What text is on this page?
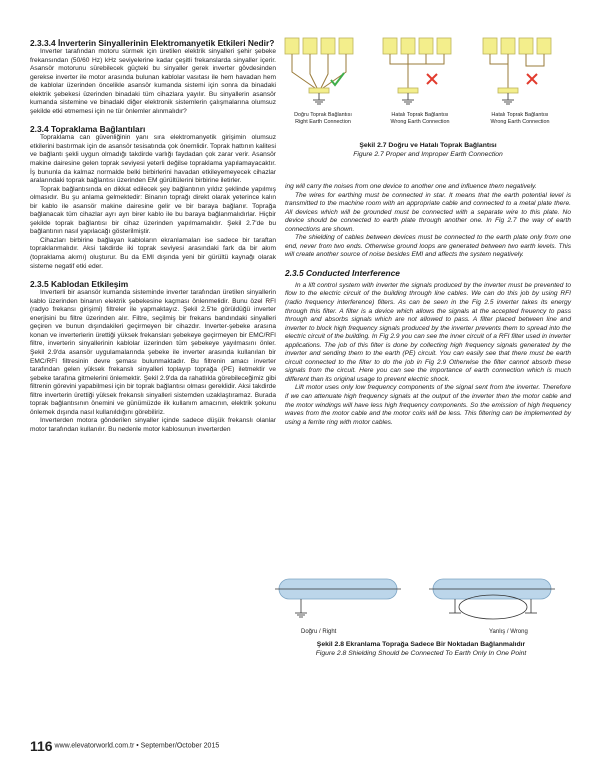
2.3.3.4 İnverterin Sinyallerinin Elektromanyetik Etkileri Nedir?

Inverter tarafından motoru sürmek için üretilen elektrik sinyalleri şehir şebeke frekansından (50/60 Hz) kHz seviyelerine kadar çeşitli frekanslarda sinyaller içerir. Asansör motorunu sürebilecek güçteki bu sinyaller gerek inverter gövdesinden gerekse inverter ile motor arasında bulunan kablolar vasıtası ile hem havadan hem de kablolar üzerinden öncelikle asansör kumanda sistemi için sonra da binadaki elektrik şebekesi üzerinden binadaki tüm cihazlara yayılır. Bu sinyallerin asansör kumanda sistemine ve binadaki diğer elektronik sistemlerin çalışmalarına olumsuz şekilde etki etmemesi için ne tür önlemler alınmalıdır?

2.3.4 Topraklama Bağlantıları

Topraklama can güvenliğinin yanı sıra elektromanyetik girişimin olumsuz etkilerini bastırmak için de asansör tesisatında çok önemlidir. Toprak hattının kalitesi ve bağlantı şekli uygun olmadığı takdirde varlığı faydadan çok zarar verir. Asansör makine dairesine gelen toprak seviyesi yeterli değilse topraklama yapılamayacaktır. İş bununla da kalmaz normalde belki birbirlerini havadan etkileyemeyecek cihazlar aralarındaki toprak bağlantısı üzerinden EM gürültülerini birbirine iletirler.

Toprak bağlantısında en dikkat edilecek şey bağlantının yıldız şeklinde yapılmış olmasıdır. Bu şu anlama gelmektedir: Binanın toprağı direkt olarak yeterince kalın bir kablo ile asansör makine dairesine gelir ve bir baraya bağlanır. Toprağa bağlanacak tüm cihazlar ayrı ayrı birer kablo ile bu baraya bağlanmalıdırlar. Hiçbir şekilde toprak bağlantısı bir cihaz üzerinden yapılmamalıdır. Şekil 2.7'de bu bağlantının nasıl yapılacağı gösterilmiştir.

Cihazları birbirine bağlayan kabloların ekranlamaları ise sadece bir taraftan topraklanmalıdır. Aksi takdirde iki toprak seviyesi arasındaki fark da bir akım (topraklama akımı) oluşturur. Bu da EMI dışında yeni bir gürültü kaynağı olarak sisteme negatif etki eder.

2.3.5 Kablodan Etkileşim

Inverterli bir asansör kumanda sisteminde inverter tarafından üretilen sinyallerin kablo üzerinden binanın elektrik şebekesine kaçması önlenmelidir. Bunu özel RFI (radyo frekansı girişimi) filtreler ile yapmaktayız. Şekil 2.5'te görüldüğü inverter enerjisini bu filtre üzerinden alır. Filtre, seçilmiş bir frekans bandındaki sinyalleri geçiren ve bunun dışındakileri geçirmeyen bir cihazdır. Inverter-şebeke arasına konan ve inverterlerin ürettiği yüksek frekansları şebekeye geçirmeyen bir EMC/RFI filtre, inverterin sinyallerinin kablolar üzerinden tüm şebekeye yayılmasını önler. Şekil 2.9'da asansör uygulamalarında şebeke ile inverter arasında kullanılan bir EMC/RFI filtresinin devre şeması bulunmaktadır. Bu filtrenin amacı inverter tarafından gelen yüksek frekanslı sinyalleri toplayıp toprağa (PE) iletmektir ve şebeke tarafına gitmelerini önlemektir. Şekil 2.9'da da rahatlıkla görebileceğimiz gibi filtrenin görevini yapabilmesi için bir toprak bağlantısı olması gereklidir. Aksi takdirde filtre inverterin ürettiği yüksek frekanslı sinyalleri sistemden uzaklaştıramaz. Burada toprak bağlantısının önemini ve günümüzde ilk kullanım amacının, elektrik şokunu önlemek dışında nasıl kullanıldığını görebiliriz.

Inverterden motora gönderilen sinyaller içinde sadece düşük frekanslı olanlar motor tarafından kullanılır. Bu nedenle motor kablosunun inverterden

Doğru Toprak Bağlantısı
Right Earth Connection
Hatalı Toprak Bağlantısı
Wrong Earth Connection
Hatalı Toprak Bağlantısı
Wrong Earth Connection
Şekil 2.7 Doğru ve Hatalı Toprak Bağlantısı
Figure 2.7 Proper and Improper Earth Connection

ing will carry the noises from one device to another one and influence them negatively.

The wires for earthing must be connected in star. It means that the earth potential level is transmitted to the machine room with an appropriate cable and connected to a metal plate there. All devices which will be grounded must be connected with a separate wire to this plate. No device should be connected to earth plate through another one. In Fig 2.7 the way of earth connections are shown.

The shielding of cables between devices must be connected to the earth plate only from one end, never from two ends. Otherwise ground loops are generated between two earth levels. This will create another source of noise besides EMI and affects the system negatively.

2.3.5 Conducted Interference

In a lift control system with inverter the signals produced by the inverter must be prevented to flow to the electric circuit of the building through line cables. We can do this job by using RFI (radio frequency interference) filters. As can be seen in the Fig 2.5 inverter takes its energy through this filter. A filter is a device which allows the signals at the accepted freuency to pass through and absorbs signals which are not allowed to pass. A filter placed between line and inverter to block high frequency signals produced by the inverter prevents them to spread into the electric circuit of the building. In Fig 2.9 you can see the inner circuit of a RFI filter used in inverter applications. The job of this filter is done by collecting high frequency signals generated by the inverter and sending them to the earth (PE) circuit. You can easily see that there must be earth circuit connected to the filter to do the job in Fig 2.9 Otherwise the filter cannot absorb these signals from the circuit. Here you can see the importance of earth connection which is much different than its original usage to prevent electric shock.

Lift motor uses only low frequency components of the signal sent from the inverter. Therefore if we can attenuate high frequency signals at the output of the inverter then the motor cable and the motor windings will have less high frequency components. So the emission of high frequency waves from the motor cable and the motor coils will be less. This filtering can be implemented by using a ferrite ring with motor cables.

Doğru / Right	Yanlış / Wrong
Şekil 2.8 Ekranlama Toprağa Sadece Bir Noktadan Bağlanmalıdır
Figure 2.8 Shielding Should be Connected To Earth Only In One Point
116 www.elevatorworld.com.tr • September/October 2015
